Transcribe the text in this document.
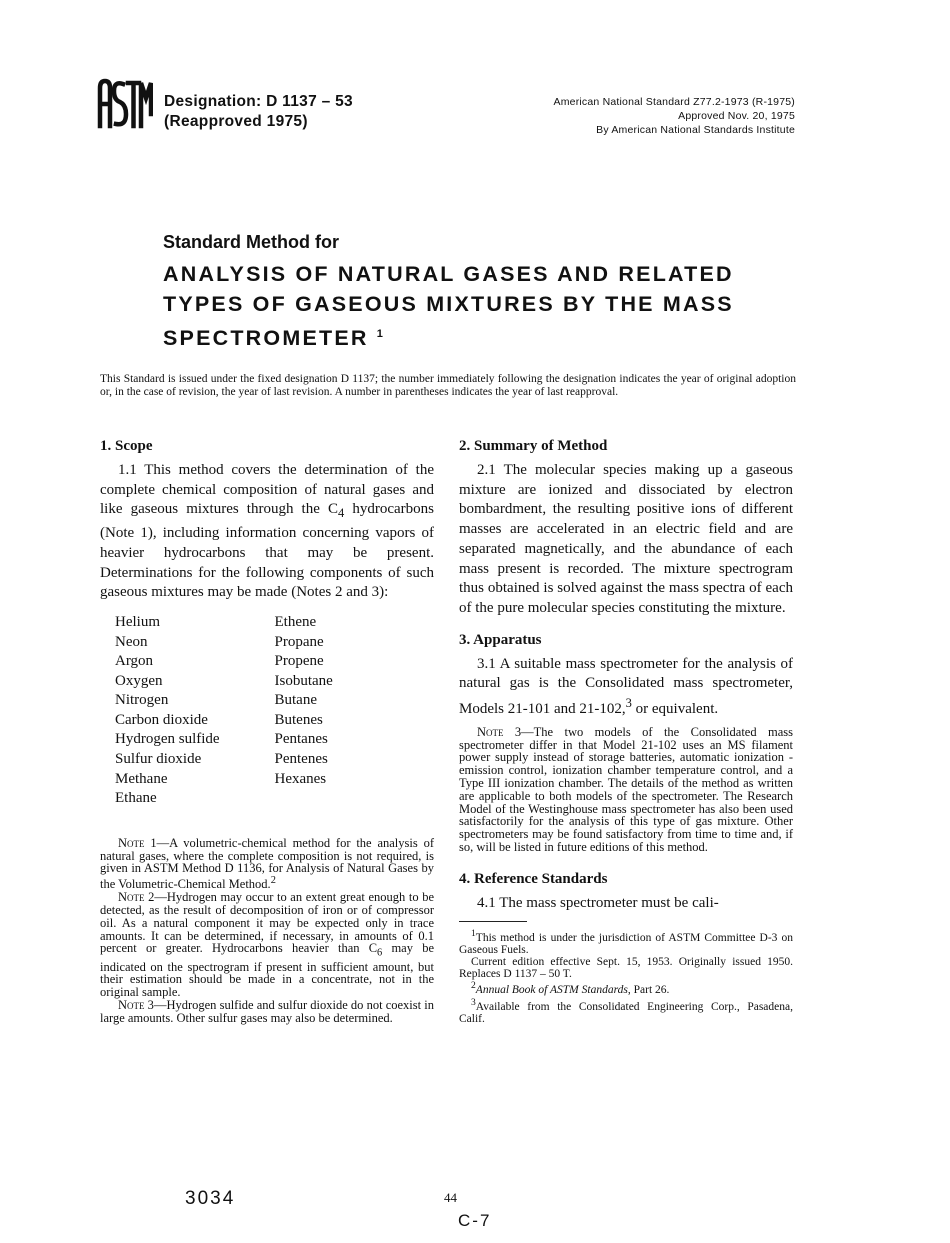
Designation: D 1137 – 53
(Reapproved 1975)
American National Standard Z77.2-1973 (R-1975)
Approved Nov. 20, 1975
By American National Standards Institute
Standard Method for
ANALYSIS OF NATURAL GASES AND RELATED TYPES OF GASEOUS MIXTURES BY THE MASS SPECTROMETER $^1$
This Standard is issued under the fixed designation D 1137; the number immediately following the designation indicates the year of original adoption or, in the case of revision, the year of last revision. A number in parentheses indicates the year of last reapproval.

1. Scope

1.1 This method covers the determination of the complete chemical composition of natural gases and like gaseous mixtures through the $C_4$ hydrocarbons (Note 1), including information concerning vapors of heavier hydrocarbons that may be present. Determinations for the following components of such gaseous mixtures may be made (Notes 2 and 3):

Helium
Neon
Argon
Oxygen
Nitrogen
Carbon dioxide
Hydrogen sulfide
Sulfur dioxide
Methane
Ethane
Ethene
Propane
Propene
Isobutane
Butane
Butenes
Pentanes
Pentenes
Hexanes

Note 1—A volumetric-chemical method for the analysis of natural gases, where the complete composition is not required, is given in ASTM Method D 1136, for Analysis of Natural Gases by the Volumetric-Chemical Method.$^2$

Note 2—Hydrogen may occur to an extent great enough to be detected, as the result of decomposition of iron or of compressor oil. As a natural component it may be expected only in trace amounts. It can be determined, if necessary, in amounts of 0.1 percent or greater. Hydrocarbons heavier than $C_6$ may be indicated on the spectrogram if present in sufficient amount, but their estimation should be made in a concentrate, not in the original sample.

Note 3—Hydrogen sulfide and sulfur dioxide do not coexist in large amounts. Other sulfur gases may also be determined.

2. Summary of Method

2.1 The molecular species making up a gaseous mixture are ionized and dissociated by electron bombardment, the resulting positive ions of different masses are accelerated in an electric field and are separated magnetically, and the abundance of each mass present is recorded. The mixture spectrogram thus obtained is solved against the mass spectra of each of the pure molecular species constituting the mixture.

3. Apparatus

3.1 A suitable mass spectrometer for the analysis of natural gas is the Consolidated mass spectrometer, Models 21-101 and 21-102,$^3$ or equivalent.

Note 3—The two models of the Consolidated mass spectrometer differ in that Model 21-102 uses an MS filament power supply instead of storage batteries, automatic ionization - emission control, ionization chamber temperature control, and a Type III ionization chamber. The details of the method as written are applicable to both models of the spectrometer. The Research Model of the Westinghouse mass spectrometer has also been used satisfactorily for the analysis of this type of gas mixture. Other spectrometers may be found satisfactory from time to time and, if so, will be listed in future editions of this method.

4. Reference Standards

4.1 The mass spectrometer must be cali-

$^1$This method is under the jurisdiction of ASTM Committee D-3 on Gaseous Fuels.

Current edition effective Sept. 15, 1953. Originally issued 1950. Replaces D 1137 – 50 T.

$^2$Annual Book of ASTM Standards, Part 26.

$^3$Available from the Consolidated Engineering Corp., Pasadena, Calif.

3034	44
C-7
